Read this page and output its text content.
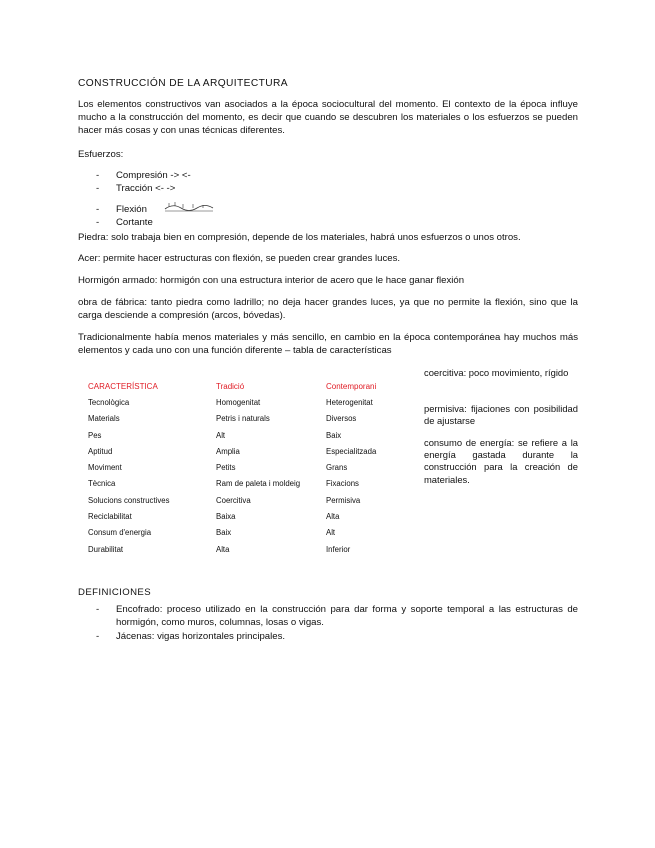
CONSTRUCCIÓN DE LA ARQUITECTURA

Los elementos constructivos van asociados a la época sociocultural del momento. El contexto de la época influye mucho a la construcción del momento, es decir que cuando se descubren los materiales o los esfuerzos se pueden hacer más cosas y con unas técnicas diferentes.

Esfuerzos:

- Compresión -> <-
- Tracción <- ->
- Flexión
- Cortante

Piedra: solo trabaja bien en compresión, depende de los materiales, habrá unos esfuerzos o unos otros.

Acer: permite hacer estructuras con flexión, se pueden crear grandes luces.

Hormigón armado: hormigón con una estructura interior de acero que le hace ganar flexión

obra de fábrica: tanto piedra como ladrillo; no deja hacer grandes luces, ya que no permite la flexión, sino que la carga desciende a compresión (arcos, bóvedas).

Tradicionalmente había menos materiales y más sencillo, en cambio en la época contemporánea hay muchos más elementos y cada uno con una función diferente – tabla de características

CARACTERÍSTICA	Tradició	Contemporani
Tecnològica	Homogenitat	Heterogenitat
Materials	Petris i naturals	Diversos
Pes	Alt	Baix
Aptitud	Amplia	Especialitzada
Moviment	Petits	Grans
Tècnica	Ram de paleta i moldeig	Fixacions
Solucions constructives	Coercitiva	Permisiva
Reciclabilitat	Baixa	Alta
Consum d'energia	Baix	Alt
Durabilitat	Alta	Inferior

coercitiva: poco movimiento, rígido

permisiva: fijaciones con posibilidad de ajustarse

consumo de energía: se refiere a la energía gastada durante la construcción para la creación de materiales.

DEFINICIONES

- Encofrado: proceso utilizado en la construcción para dar forma y soporte temporal a las estructuras de hormigón, como muros, columnas, losas o vigas.
- Jácenas: vigas horizontales principales.
